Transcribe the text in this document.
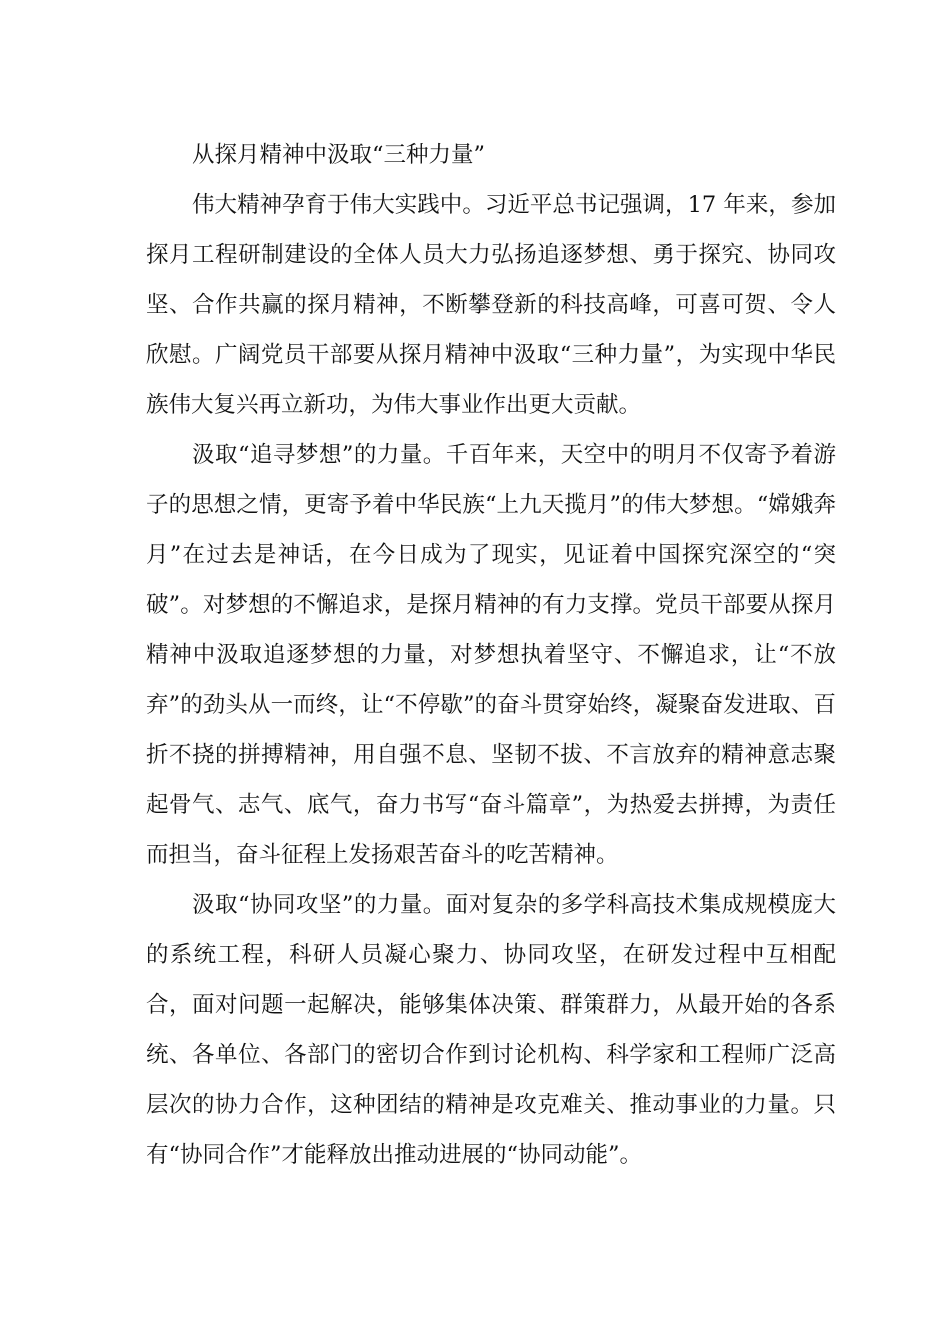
从探月精神中汲取“三种力量”

伟大精神孕育于伟大实践中。习近平总书记强调，17 年来，参加探月工程研制建设的全体人员大力弘扬追逐梦想、勇于探究、协同攻坚、合作共赢的探月精神，不断攀登新的科技高峰，可喜可贺、令人欣慰。广阔党员干部要从探月精神中汲取“三种力量”，为实现中华民族伟大复兴再立新功，为伟大事业作出更大贡献。

汲取“追寻梦想”的力量。千百年来，天空中的明月不仅寄予着游子的思想之情，更寄予着中华民族“上九天揽月”的伟大梦想。“嫦娥奔月”在过去是神话，在今日成为了现实，见证着中国探究深空的“突破”。对梦想的不懈追求，是探月精神的有力支撑。党员干部要从探月精神中汲取追逐梦想的力量，对梦想执着坚守、不懈追求，让“不放弃”的劲头从一而终，让“不停歇”的奋斗贯穿始终，凝聚奋发进取、百折不挠的拼搏精神，用自强不息、坚韧不拔、不言放弃的精神意志聚起骨气、志气、底气，奋力书写“奋斗篇章”，为热爱去拼搏，为责任而担当，奋斗征程上发扬艰苦奋斗的吃苦精神。

汲取“协同攻坚”的力量。面对复杂的多学科高技术集成规模庞大的系统工程，科研人员凝心聚力、协同攻坚，在研发过程中互相配合，面对问题一起解决，能够集体决策、群策群力，从最开始的各系统、各单位、各部门的密切合作到讨论机构、科学家和工程师广泛高层次的协力合作，这种团结的精神是攻克难关、推动事业的力量。只有“协同合作”才能释放出推动进展的“协同动能”。
